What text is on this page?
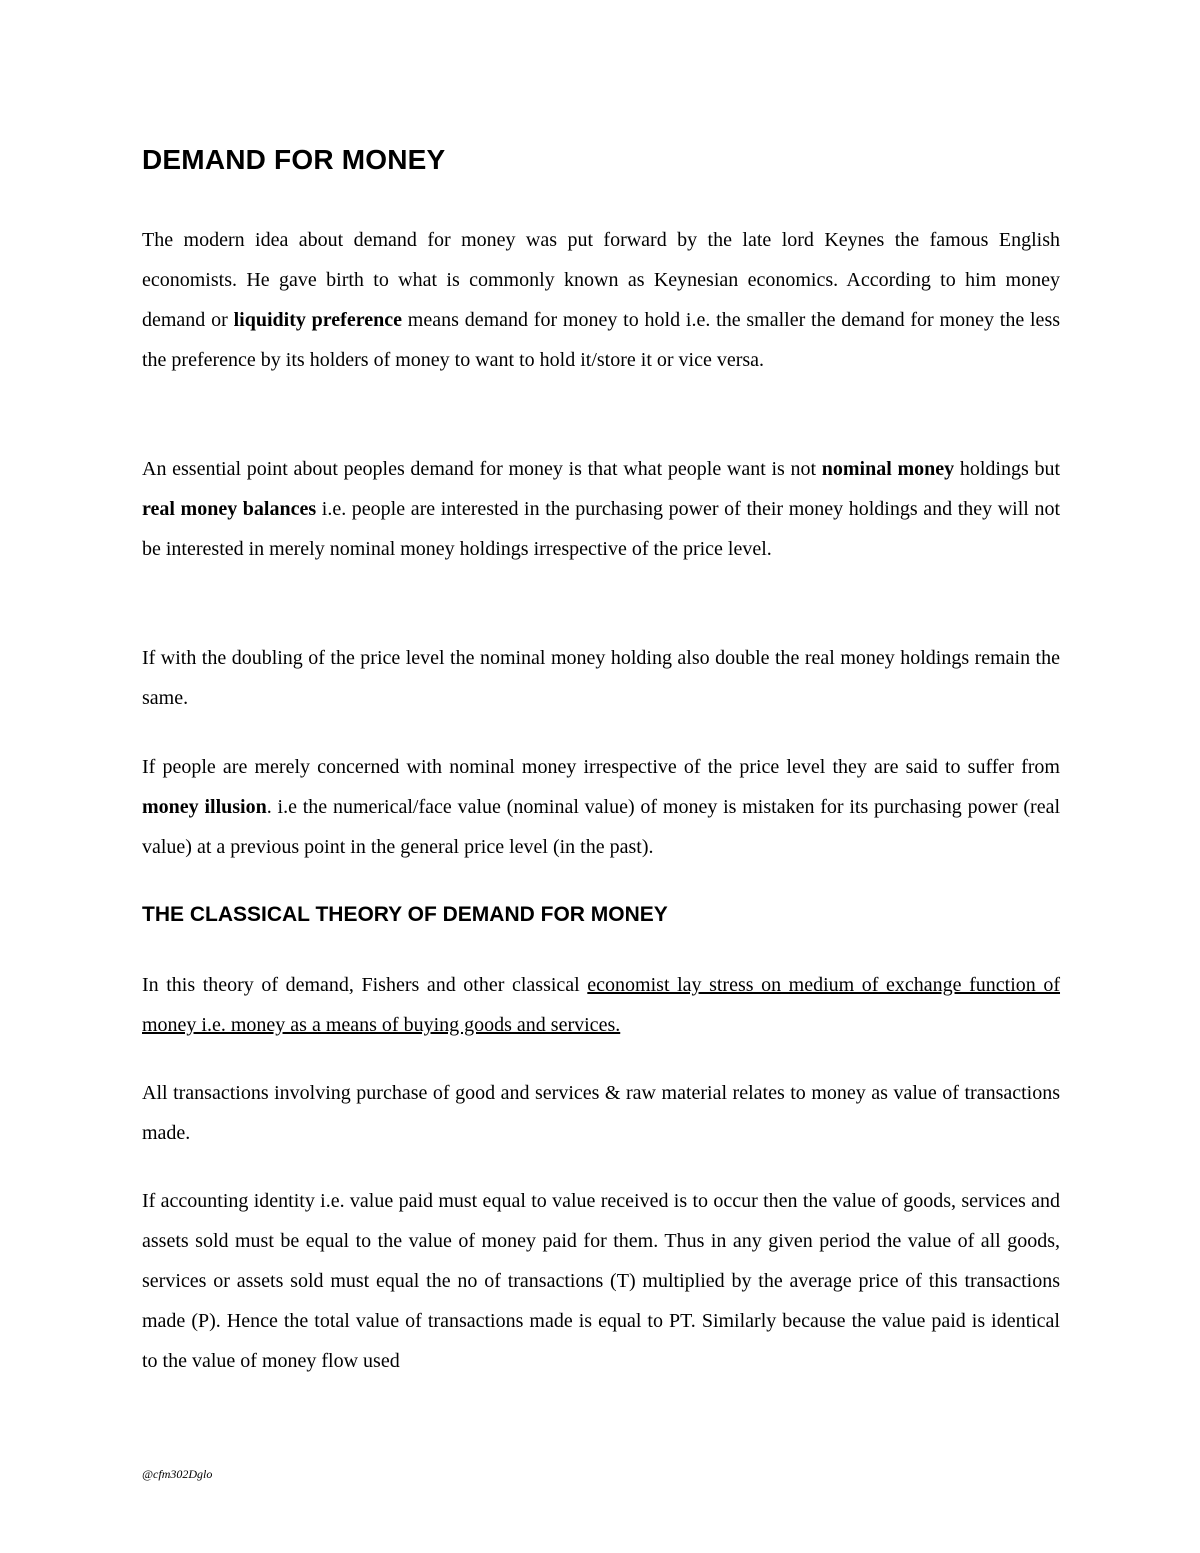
DEMAND FOR MONEY

The modern idea about demand for money was put forward by the late lord Keynes the famous English economists. He gave birth to what is commonly known as Keynesian economics. According to him money demand or liquidity preference means demand for money to hold i.e. the smaller the demand for money the less the preference by its holders of money to want to hold it/store it or vice versa.

An essential point about peoples demand for money is that what people want is not nominal money holdings but real money balances i.e. people are interested in the purchasing power of their money holdings and they will not be interested in merely nominal money holdings irrespective of the price level.

If with the doubling of the price level the nominal money holding also double the real money holdings remain the same.

If people are merely concerned with nominal money irrespective of the price level they are said to suffer from money illusion. i.e the numerical/face value (nominal value) of money is mistaken for its purchasing power (real value) at a previous point in the general price level (in the past).

THE CLASSICAL THEORY OF DEMAND FOR MONEY

In this theory of demand, Fishers and other classical economist lay stress on medium of exchange function of money i.e. money as a means of buying goods and services.

All transactions involving purchase of good and services & raw material relates to money as value of transactions made.

If accounting identity i.e. value paid must equal to value received is to occur then the value of goods, services and assets sold must be equal to the value of money paid for them. Thus in any given period the value of all goods, services or assets sold must equal the no of transactions (T) multiplied by the average price of this transactions made (P). Hence the total value of transactions made is equal to PT. Similarly because the value paid is identical to the value of money flow used

@cfm302Dglo
